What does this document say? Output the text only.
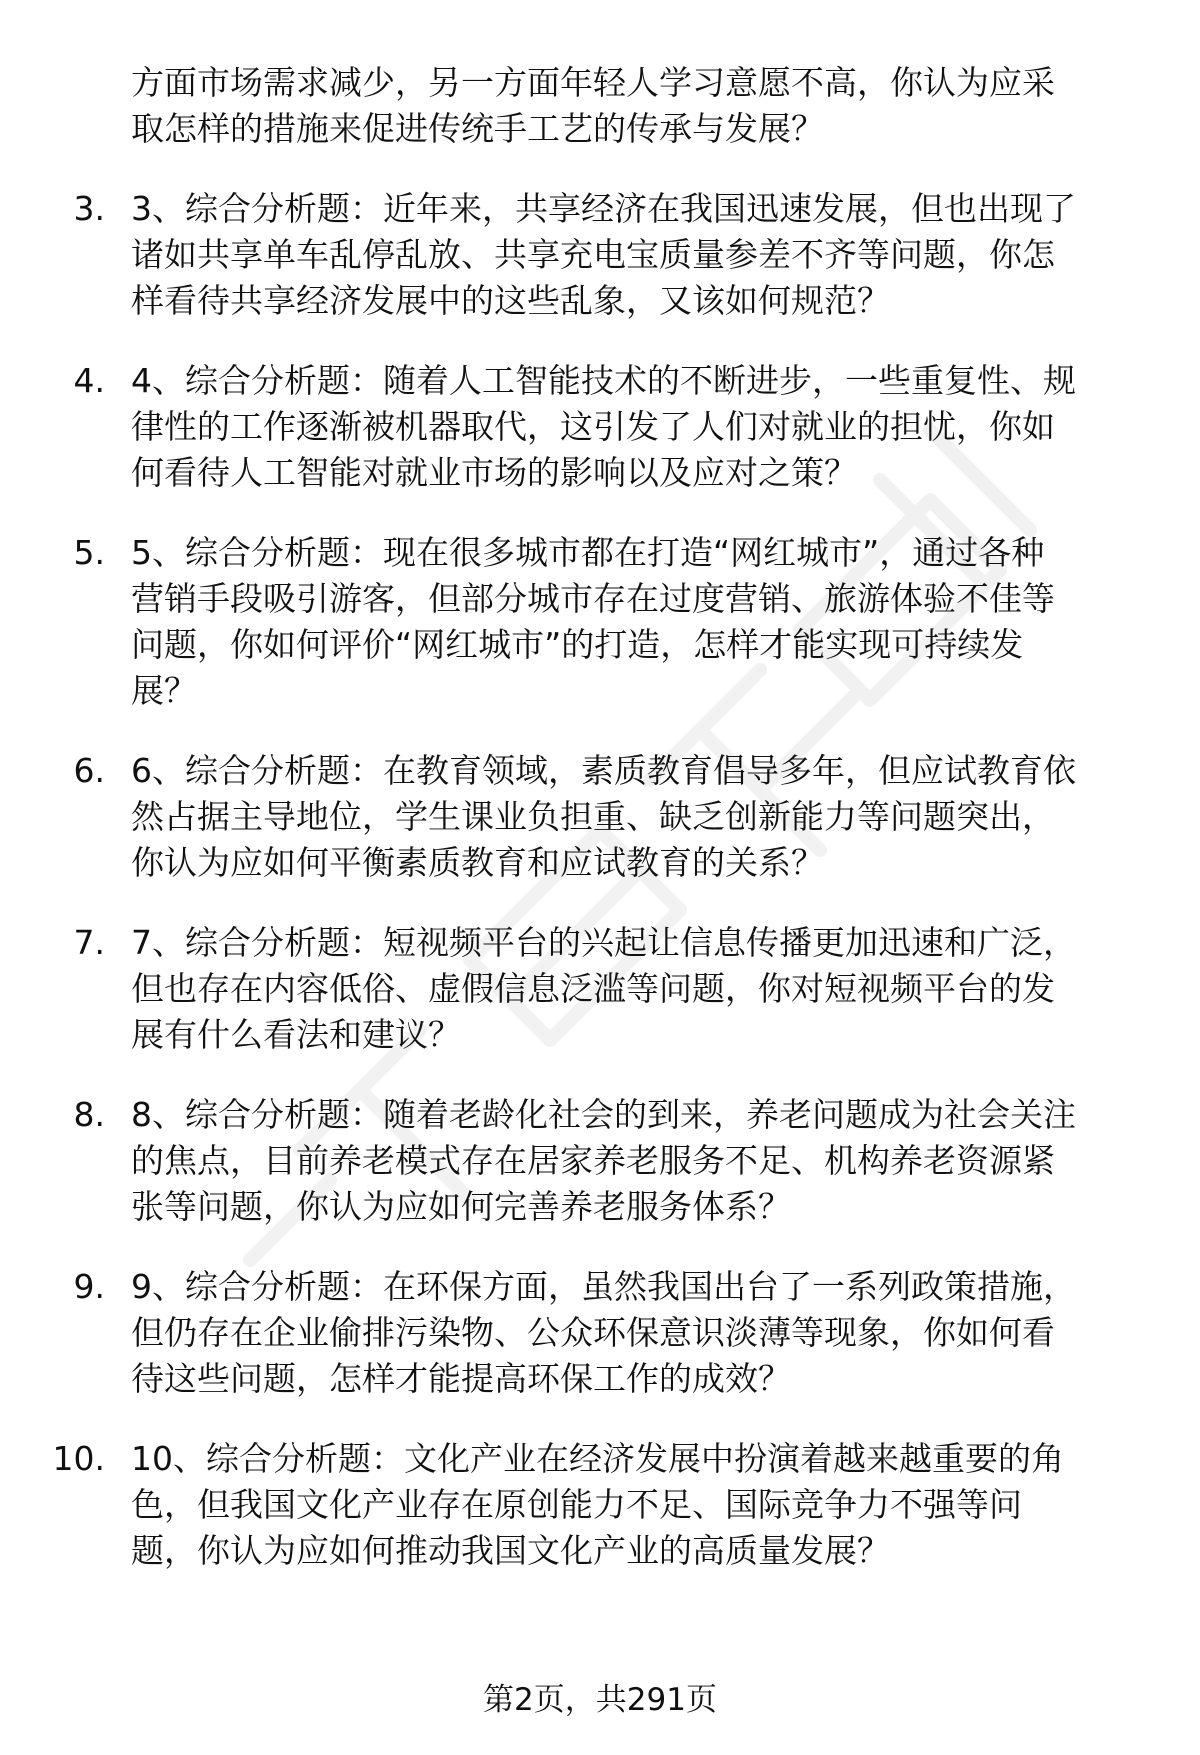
方面市场需求减少，另一方面年轻人学习意愿不高，你认为应采
取怎样的措施来促进传统手工艺的传承与发展？

3. 3、综合分析题：近年来，共享经济在我国迅速发展，但也出现了
诸如共享单车乱停乱放、共享充电宝质量参差不齐等问题，你怎
样看待共享经济发展中的这些乱象，又该如何规范？
4. 4、综合分析题：随着人工智能技术的不断进步，一些重复性、规
律性的工作逐渐被机器取代，这引发了人们对就业的担忧，你如
何看待人工智能对就业市场的影响以及应对之策？
5. 5、综合分析题：现在很多城市都在打造“网红城市”，通过各种
营销手段吸引游客，但部分城市存在过度营销、旅游体验不佳等
问题，你如何评价“网红城市”的打造，怎样才能实现可持续发
展？
6. 6、综合分析题：在教育领域，素质教育倡导多年，但应试教育依
然占据主导地位，学生课业负担重、缺乏创新能力等问题突出，
你认为应如何平衡素质教育和应试教育的关系？
7. 7、综合分析题：短视频平台的兴起让信息传播更加迅速和广泛，
但也存在内容低俗、虚假信息泛滥等问题，你对短视频平台的发
展有什么看法和建议？
8. 8、综合分析题：随着老龄化社会的到来，养老问题成为社会关注
的焦点，目前养老模式存在居家养老服务不足、机构养老资源紧
张等问题，你认为应如何完善养老服务体系？
9. 9、综合分析题：在环保方面，虽然我国出台了一系列政策措施，
但仍存在企业偷排污染物、公众环保意识淡薄等现象，你如何看
待这些问题，怎样才能提高环保工作的成效？
10. 10、综合分析题：文化产业在经济发展中扮演着越来越重要的角
色，但我国文化产业存在原创能力不足、国际竞争力不强等问
题，你认为应如何推动我国文化产业的高质量发展？
第2页，共291页
